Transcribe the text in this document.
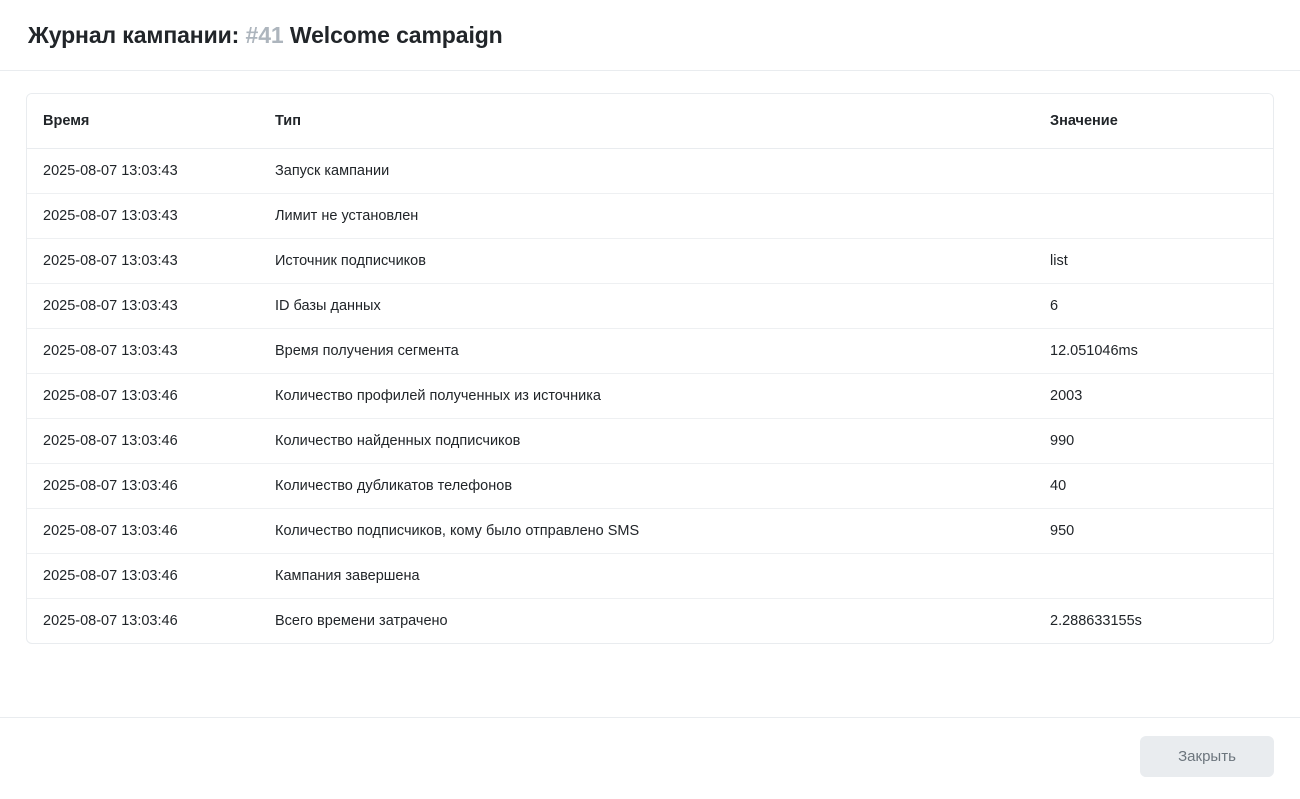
Журнал кампании: #41 Welcome campaign
Время	Тип	Значение
2025-08-07 13:03:43	Запуск кампании	
2025-08-07 13:03:43	Лимит не установлен	
2025-08-07 13:03:43	Источник подписчиков	list
2025-08-07 13:03:43	ID базы данных	6
2025-08-07 13:03:43	Время получения сегмента	12.051046ms
2025-08-07 13:03:46	Количество профилей полученных из источника	2003
2025-08-07 13:03:46	Количество найденных подписчиков	990
2025-08-07 13:03:46	Количество дубликатов телефонов	40
2025-08-07 13:03:46	Количество подписчиков, кому было отправлено SMS	950
2025-08-07 13:03:46	Кампания завершена	
2025-08-07 13:03:46	Всего времени затрачено	2.288633155s
Закрыть
